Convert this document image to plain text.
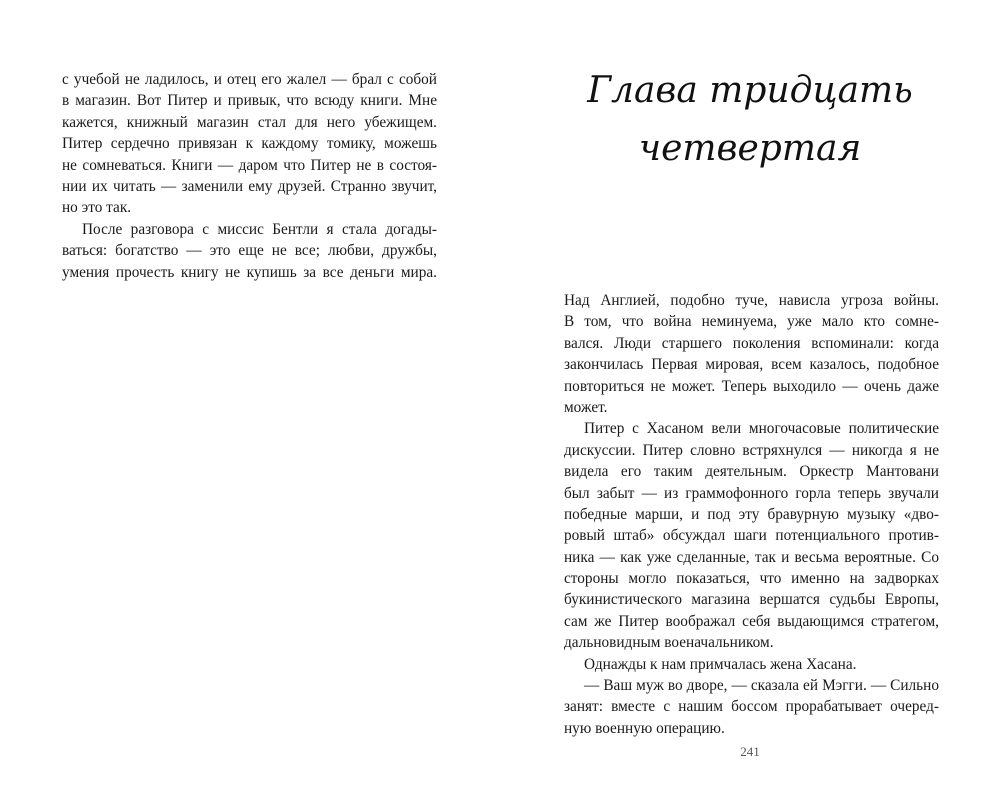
с учебой не ладилось, и отец его жалел — брал с собой
в магазин. Вот Питер и привык, что всюду книги. Мне
кажется, книжный магазин стал для него убежищем.
Питер сердечно привязан к каждому томику, можешь
не сомневаться. Книги — даром что Питер не в состоя-
нии их читать — заменили ему друзей. Странно звучит,
но это так.
После разговора с миссис Бентли я стала догады-
ваться: богатство — это еще не все; любви, дружбы,
умения прочесть книгу не купишь за все деньги мира.
Глава тридцать
четвертая
Над Англией, подобно туче, нависла угроза войны.
В том, что война неминуема, уже мало кто сомне-
вался. Люди старшего поколения вспоминали: когда
закончилась Первая мировая, всем казалось, подобное
повториться не может. Теперь выходило — очень даже
может.
Питер с Хасаном вели многочасовые политические
дискуссии. Питер словно встряхнулся — никогда я не
видела его таким деятельным. Оркестр Мантовани
был забыт — из граммофонного горла теперь звучали
победные марши, и под эту бравурную музыку «дво-
ровый штаб» обсуждал шаги потенциального против-
ника — как уже сделанные, так и весьма вероятные. Со
стороны могло показаться, что именно на задворках
букинистического магазина вершатся судьбы Европы,
сам же Питер воображал себя выдающимся стратегом,
дальновидным военачальником.
Однажды к нам примчалась жена Хасана.
— Ваш муж во дворе, — сказала ей Мэгги. — Сильно
занят: вместе с нашим боссом прорабатывает очеред-
ную военную операцию.
241
